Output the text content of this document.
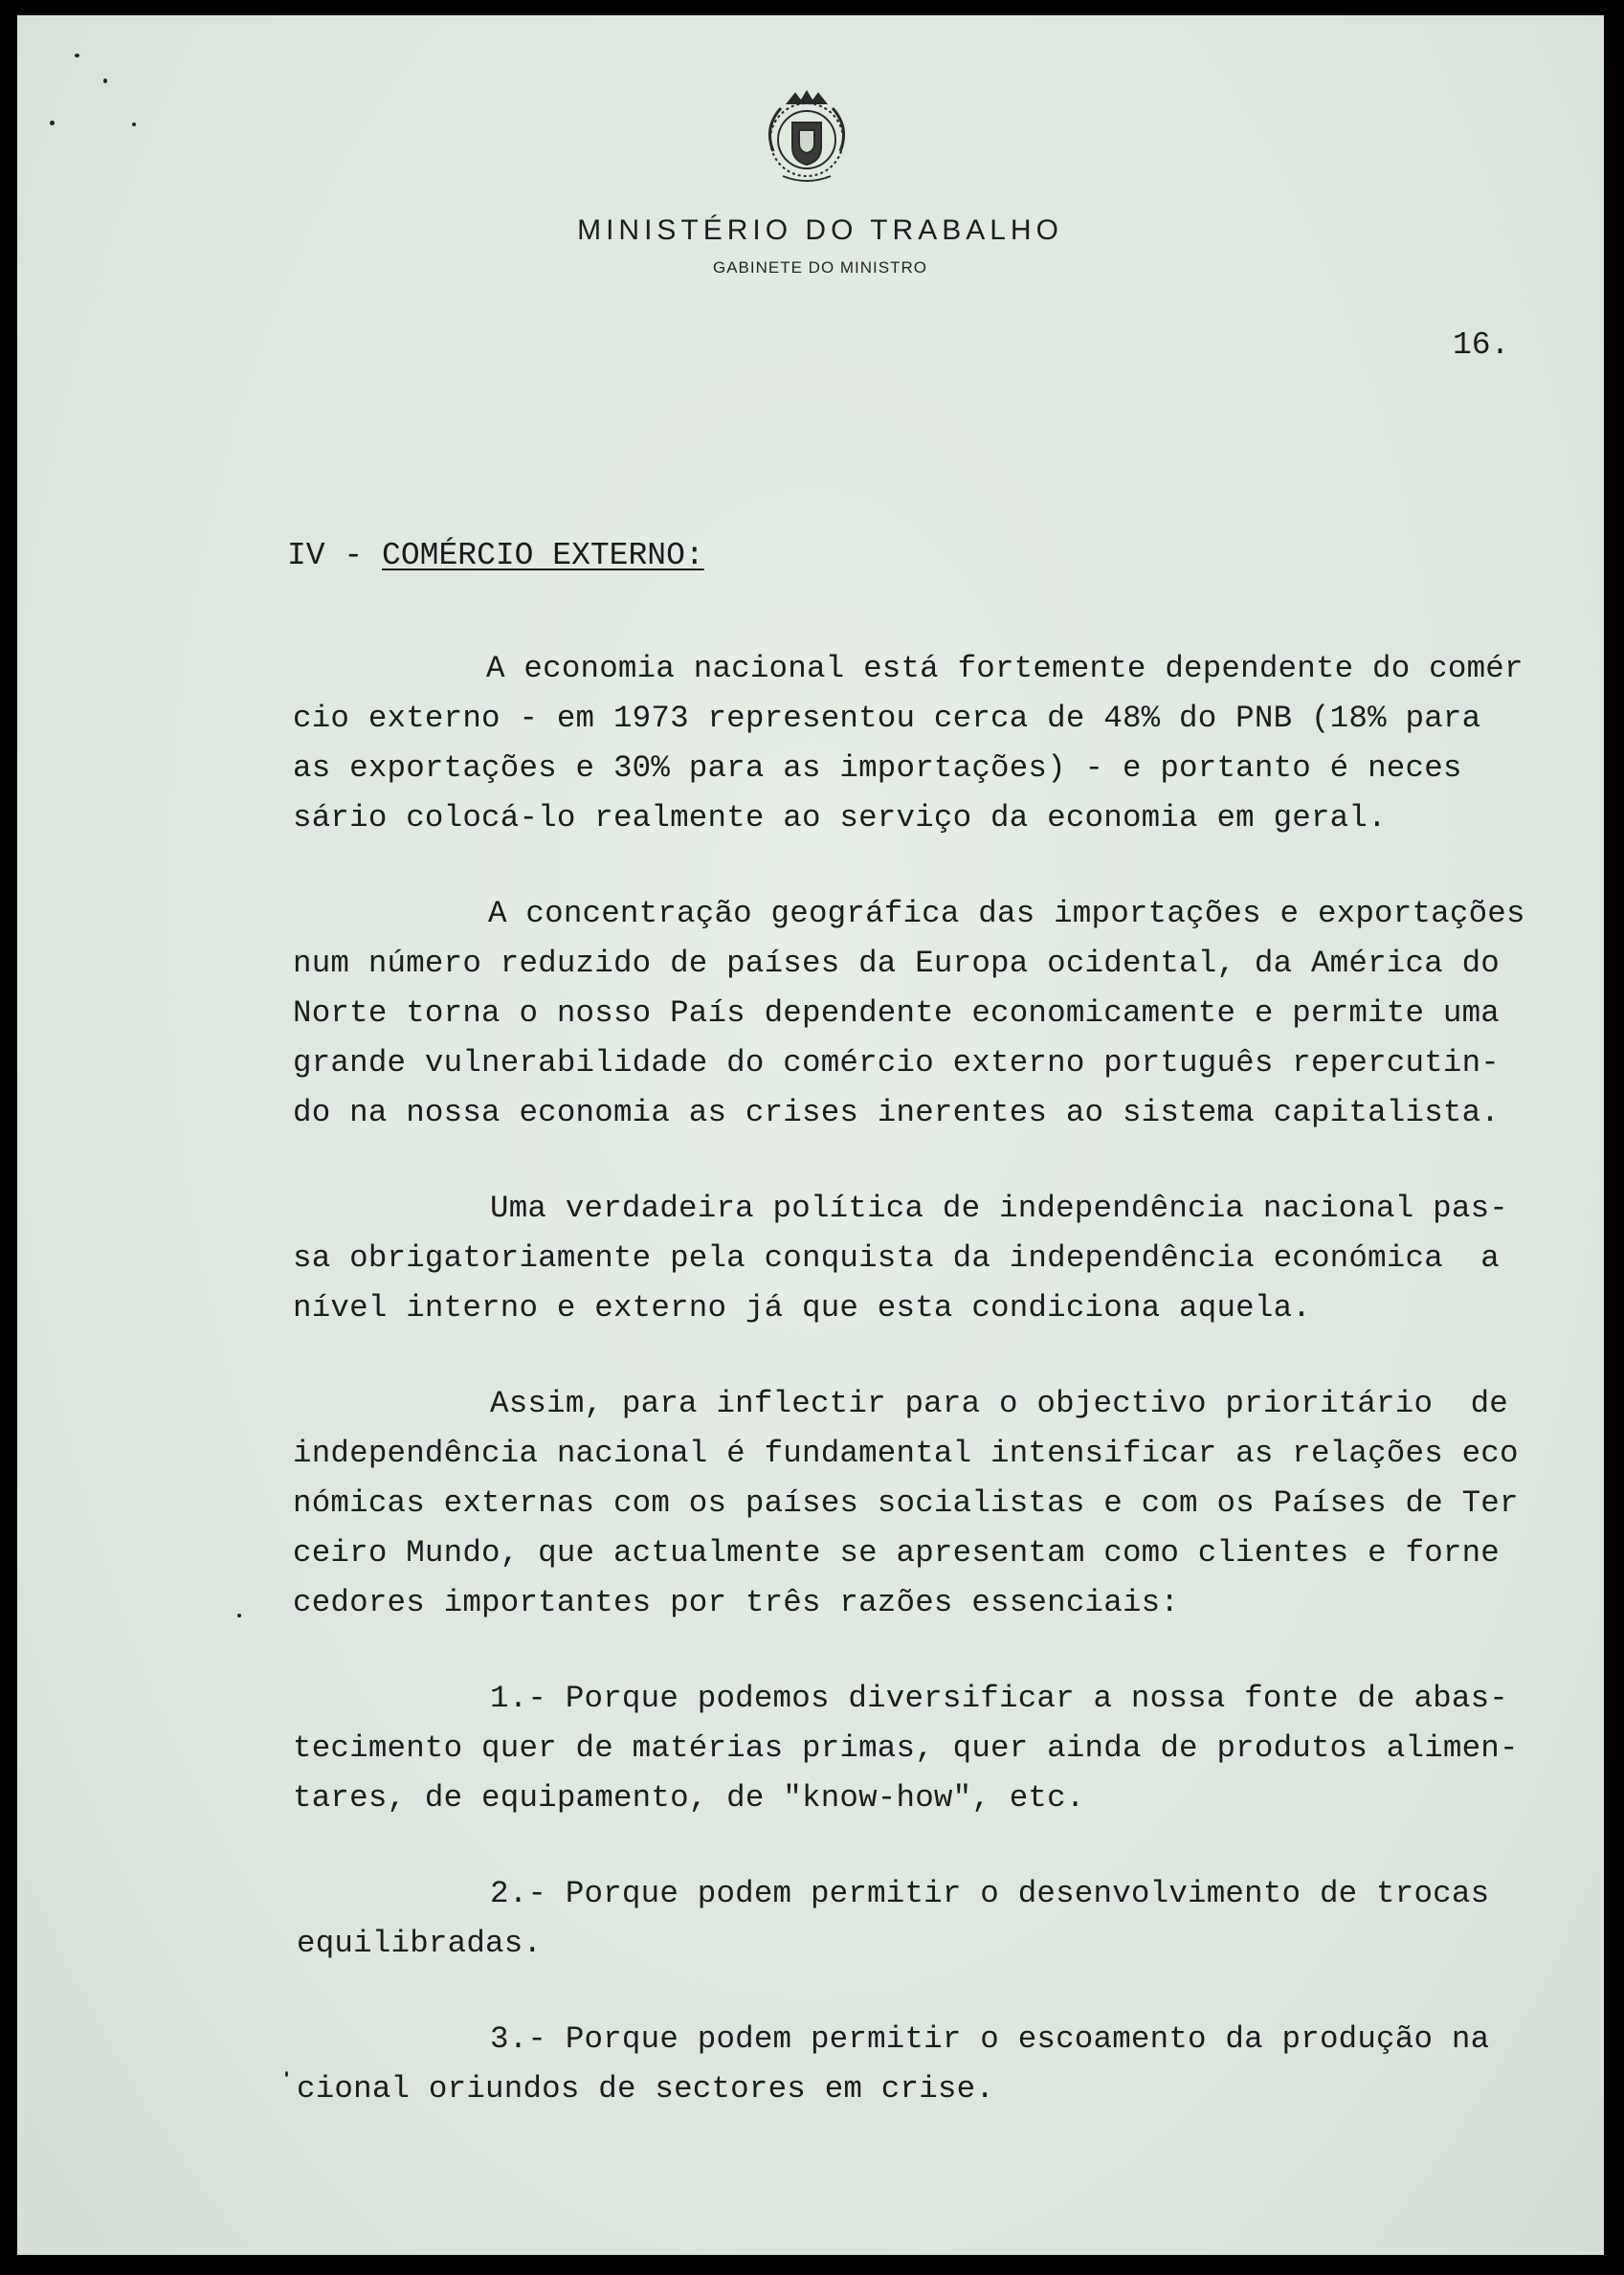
MINISTÉRIO DO TRABALHO
GABINETE DO MINISTRO
16.
IV - COMÉRCIO EXTERNO:
A economia nacional está fortemente dependente do comér
cio externo - em 1973 representou cerca de 48% do PNB (18% para
as exportações e 30% para as importações) - e portanto é neces
sário colocá-lo realmente ao serviço da economia em geral.
A concentração geográfica das importações e exportações
num número reduzido de países da Europa ocidental, da América do
Norte torna o nosso País dependente economicamente e permite uma
grande vulnerabilidade do comércio externo português repercutin-
do na nossa economia as crises inerentes ao sistema capitalista.
Uma verdadeira política de independência nacional pas-
sa obrigatoriamente pela conquista da independência económica  a
nível interno e externo já que esta condiciona aquela.
Assim, para inflectir para o objectivo prioritário  de
independência nacional é fundamental intensificar as relações eco
nómicas externas com os países socialistas e com os Países de Ter
ceiro Mundo, que actualmente se apresentam como clientes e forne
cedores importantes por três razões essenciais:
1.- Porque podemos diversificar a nossa fonte de abas-
tecimento quer de matérias primas, quer ainda de produtos alimen-
tares, de equipamento, de "know-how", etc.
2.- Porque podem permitir o desenvolvimento de trocas
equilibradas.
3.- Porque podem permitir o escoamento da produção na
cional oriundos de sectores em crise.
